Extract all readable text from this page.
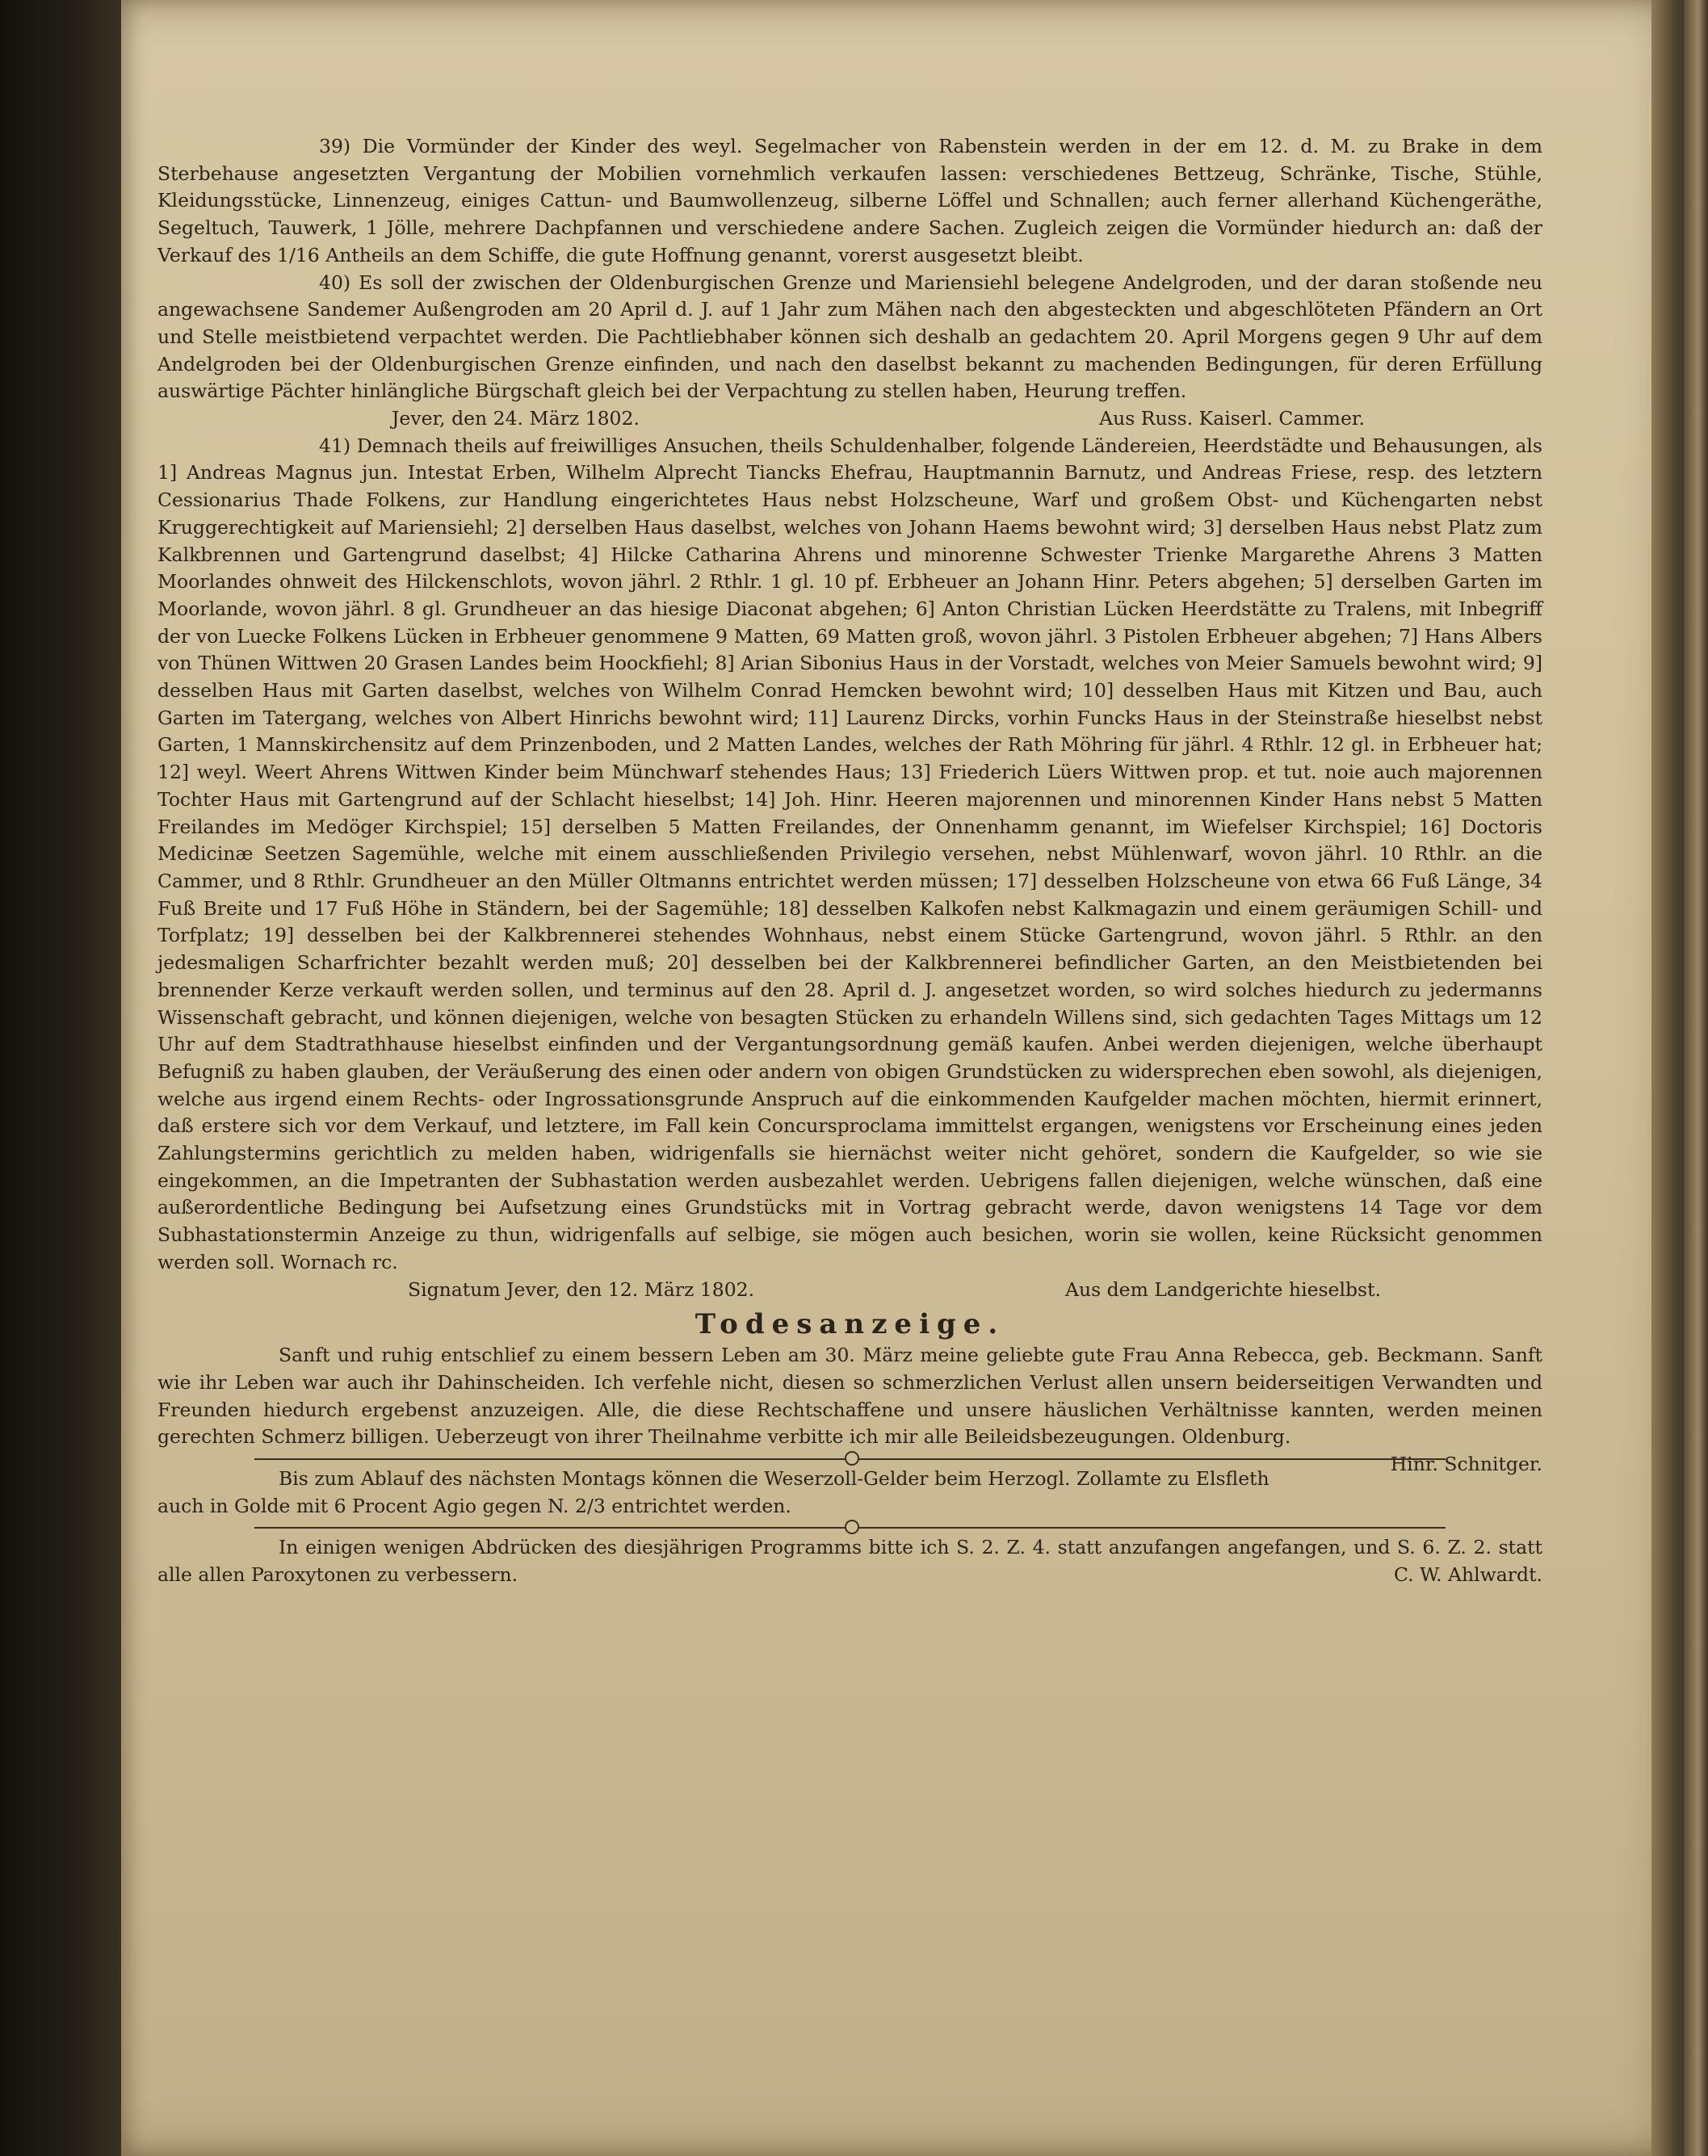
39) Die Vormünder der Kinder des weyl. Segelmacher von Rabenstein werden in der em 12. d. M. zu Brake in dem Sterbehause angesetzten Vergantung der Mobilien vornehmlich verkaufen lassen: verschiedenes Bettzeug, Schränke, Tische, Stühle, Kleidungsstücke, Linnenzeug, einiges Cattun- und Baumwollenzeug, silberne Löffel und Schnallen; auch ferner allerhand Küchengeräthe, Segeltuch, Tauwerk, 1 Jölle, mehrere Dachpfannen und verschiedene andere Sachen. Zugleich zeigen die Vormünder hiedurch an: daß der Verkauf des 1/16 Antheils an dem Schiffe, die gute Hoffnung genannt, vorerst ausgesetzt bleibt.

40) Es soll der zwischen der Oldenburgischen Grenze und Mariensiehl belegene Andelgroden, und der daran stoßende neu angewachsene Sandemer Außengroden am 20 April d. J. auf 1 Jahr zum Mähen nach den abgesteckten und abgeschlöteten Pfändern an Ort und Stelle meistbietend verpachtet werden. Die Pachtliebhaber können sich deshalb an gedachtem 20. April Morgens gegen 9 Uhr auf dem Andelgroden bei der Oldenburgischen Grenze einfinden, und nach den daselbst bekannt zu machenden Bedingungen, für deren Erfüllung auswärtige Pächter hinlängliche Bürgschaft gleich bei der Verpachtung zu stellen haben, Heurung treffen.

Jever, den 24. März 1802.	Aus Russ. Kaiserl. Cammer.

41) Demnach theils auf freiwilliges Ansuchen, theils Schuldenhalber, folgende Ländereien, Heerdstädte und Behausungen, als 1] Andreas Magnus jun. Intestat Erben, Wilhelm Alprecht Tiancks Ehefrau, Hauptmannin Barnutz, und Andreas Friese, resp. des letztern Cessionarius Thade Folkens, zur Handlung eingerichtetes Haus nebst Holzscheune, Warf und großem Obst- und Küchengarten nebst Kruggerechtigkeit auf Mariensiehl; 2] derselben Haus daselbst, welches von Johann Haems bewohnt wird; 3] derselben Haus nebst Platz zum Kalkbrennen und Gartengrund daselbst; 4] Hilcke Catharina Ahrens und minorenne Schwester Trienke Margarethe Ahrens 3 Matten Moorlandes ohnweit des Hilckenschlots, wovon jährl. 2 Rthlr. 1 gl. 10 pf. Erbheuer an Johann Hinr. Peters abgehen; 5] derselben Garten im Moorlande, wovon jährl. 8 gl. Grundheuer an das hiesige Diaconat abgehen; 6] Anton Christian Lücken Heerdstätte zu Tralens, mit Inbegriff der von Luecke Folkens Lücken in Erbheuer genommene 9 Matten, 69 Matten groß, wovon jährl. 3 Pistolen Erbheuer abgehen; 7] Hans Albers von Thünen Wittwen 20 Grasen Landes beim Hoockfiehl; 8] Arian Sibonius Haus in der Vorstadt, welches von Meier Samuels bewohnt wird; 9] desselben Haus mit Garten daselbst, welches von Wilhelm Conrad Hemcken bewohnt wird; 10] desselben Haus mit Kitzen und Bau, auch Garten im Tatergang, welches von Albert Hinrichs bewohnt wird; 11] Laurenz Dircks, vorhin Funcks Haus in der Steinstraße hieselbst nebst Garten, 1 Mannskirchensitz auf dem Prinzenboden, und 2 Matten Landes, welches der Rath Möhring für jährl. 4 Rthlr. 12 gl. in Erbheuer hat; 12] weyl. Weert Ahrens Wittwen Kinder beim Münchwarf stehendes Haus; 13] Friederich Lüers Wittwen prop. et tut. noie auch majorennen Tochter Haus mit Gartengrund auf der Schlacht hieselbst; 14] Joh. Hinr. Heeren majorennen und minorennen Kinder Hans nebst 5 Matten Freilandes im Medöger Kirchspiel; 15] derselben 5 Matten Freilandes, der Onnenhamm genannt, im Wiefelser Kirchspiel; 16] Doctoris Medicinæ Seetzen Sagemühle, welche mit einem ausschließenden Privilegio versehen, nebst Mühlenwarf, wovon jährl. 10 Rthlr. an die Cammer, und 8 Rthlr. Grundheuer an den Müller Oltmanns entrichtet werden müssen; 17] desselben Holzscheune von etwa 66 Fuß Länge, 34 Fuß Breite und 17 Fuß Höhe in Ständern, bei der Sagemühle; 18] desselben Kalkofen nebst Kalkmagazin und einem geräumigen Schill- und Torfplatz; 19] desselben bei der Kalkbrennerei stehendes Wohnhaus, nebst einem Stücke Gartengrund, wovon jährl. 5 Rthlr. an den jedesmaligen Scharfrichter bezahlt werden muß; 20] desselben bei der Kalkbrennerei befindlicher Garten, an den Meistbietenden bei brennender Kerze verkauft werden sollen, und terminus auf den 28. April d. J. angesetzet worden, so wird solches hiedurch zu jedermanns Wissenschaft gebracht, und können diejenigen, welche von besagten Stücken zu erhandeln Willens sind, sich gedachten Tages Mittags um 12 Uhr auf dem Stadtrathhause hieselbst einfinden und der Vergantungsordnung gemäß kaufen. Anbei werden diejenigen, welche überhaupt Befugniß zu haben glauben, der Veräußerung des einen oder andern von obigen Grundstücken zu widersprechen eben sowohl, als diejenigen, welche aus irgend einem Rechts- oder Ingrossationsgrunde Anspruch auf die einkommenden Kaufgelder machen möchten, hiermit erinnert, daß erstere sich vor dem Verkauf, und letztere, im Fall kein Concursproclama immittelst ergangen, wenigstens vor Erscheinung eines jeden Zahlungstermins gerichtlich zu melden haben, widrigenfalls sie hiernächst weiter nicht gehöret, sondern die Kaufgelder, so wie sie eingekommen, an die Impetranten der Subhastation werden ausbezahlet werden. Uebrigens fallen diejenigen, welche wünschen, daß eine außerordentliche Bedingung bei Aufsetzung eines Grundstücks mit in Vortrag gebracht werde, davon wenigstens 14 Tage vor dem Subhastationstermin Anzeige zu thun, widrigenfalls auf selbige, sie mögen auch besichen, worin sie wollen, keine Rücksicht genommen werden soll. Wornach rc.

Signatum Jever, den 12. März 1802.	Aus dem Landgerichte hieselbst.
Todesanzeige.

Sanft und ruhig entschlief zu einem bessern Leben am 30. März meine geliebte gute Frau Anna Rebecca, geb. Beckmann. Sanft wie ihr Leben war auch ihr Dahinscheiden. Ich verfehle nicht, diesen so schmerzlichen Verlust allen unsern beiderseitigen Verwandten und Freunden hiedurch ergebenst anzuzeigen. Alle, die diese Rechtschaffene und unsere häuslichen Verhältnisse kannten, werden meinen gerechten Schmerz billigen. Ueberzeugt von ihrer Theilnahme verbitte ich mir alle Beileidsbezeugungen. Oldenburg.
Hinr. Schnitger.

Bis zum Ablauf des nächsten Montags können die Weserzoll-Gelder beim Herzogl. Zollamte zu Elsfleth auch in Golde mit 6 Procent Agio gegen N. 2/3 entrichtet werden.

In einigen wenigen Abdrücken des diesjährigen Programms bitte ich S. 2. Z. 4. statt anzufangen angefangen, und S. 6. Z. 2. statt alle allen Paroxytonen zu verbessern.	C. W. Ahlwardt.
